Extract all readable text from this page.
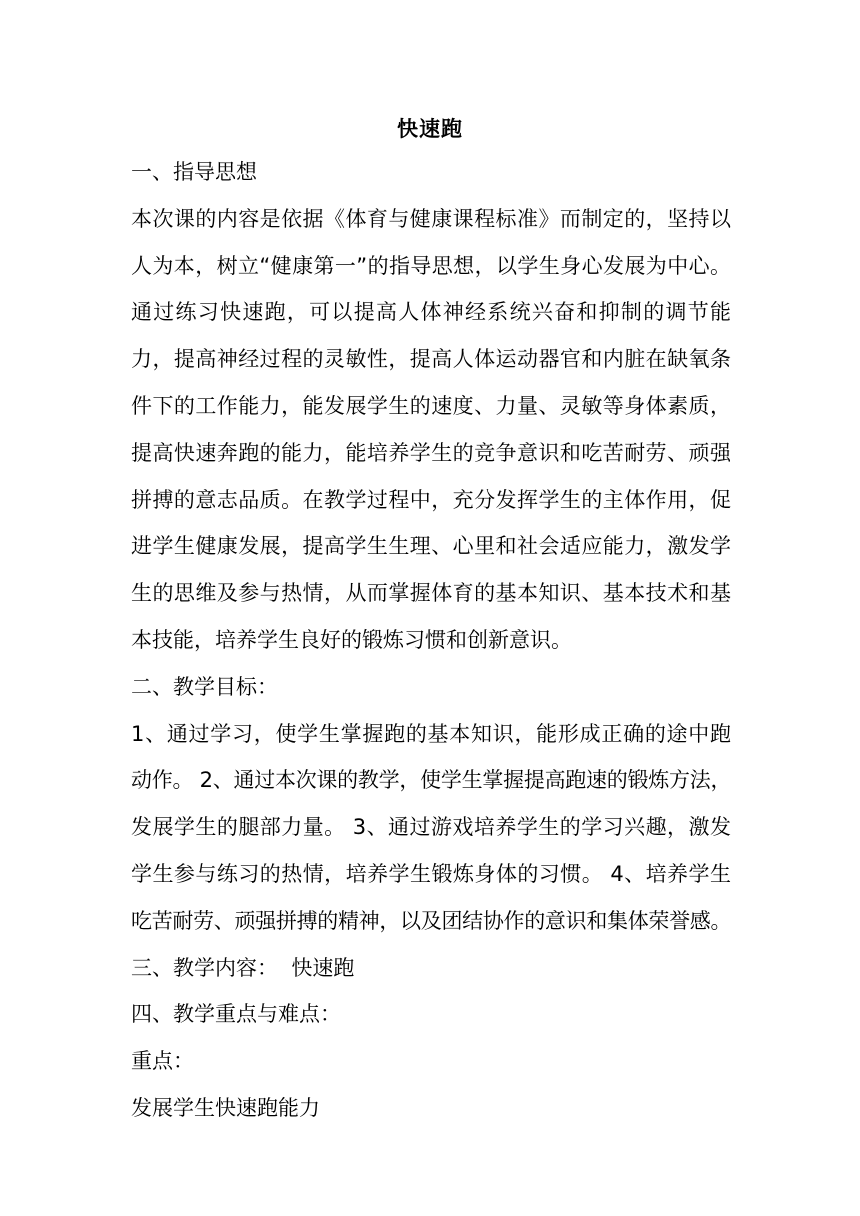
快速跑
一、指导思想
本次课的内容是依据《体育与健康课程标准》而制定的，坚持以
人为本，树立“健康第一”的指导思想，以学生身心发展为中心。
通过练习快速跑，可以提高人体神经系统兴奋和抑制的调节能
力，提高神经过程的灵敏性，提高人体运动器官和内脏在缺氧条
件下的工作能力，能发展学生的速度、力量、灵敏等身体素质，
提高快速奔跑的能力，能培养学生的竞争意识和吃苦耐劳、顽强
拼搏的意志品质。在教学过程中，充分发挥学生的主体作用，促
进学生健康发展，提高学生生理、心里和社会适应能力，激发学
生的思维及参与热情，从而掌握体育的基本知识、基本技术和基
本技能，培养学生良好的锻炼习惯和创新意识。
二、教学目标：
1、通过学习，使学生掌握跑的基本知识，能形成正确的途中跑
动作。 2、通过本次课的教学，使学生掌握提高跑速的锻炼方法，
发展学生的腿部力量。 3、通过游戏培养学生的学习兴趣，激发
学生参与练习的热情，培养学生锻炼身体的习惯。 4、培养学生
吃苦耐劳、顽强拼搏的精神，以及团结协作的意识和集体荣誉感。
三、教学内容：  快速跑
四、教学重点与难点：
重点：
发展学生快速跑能力
